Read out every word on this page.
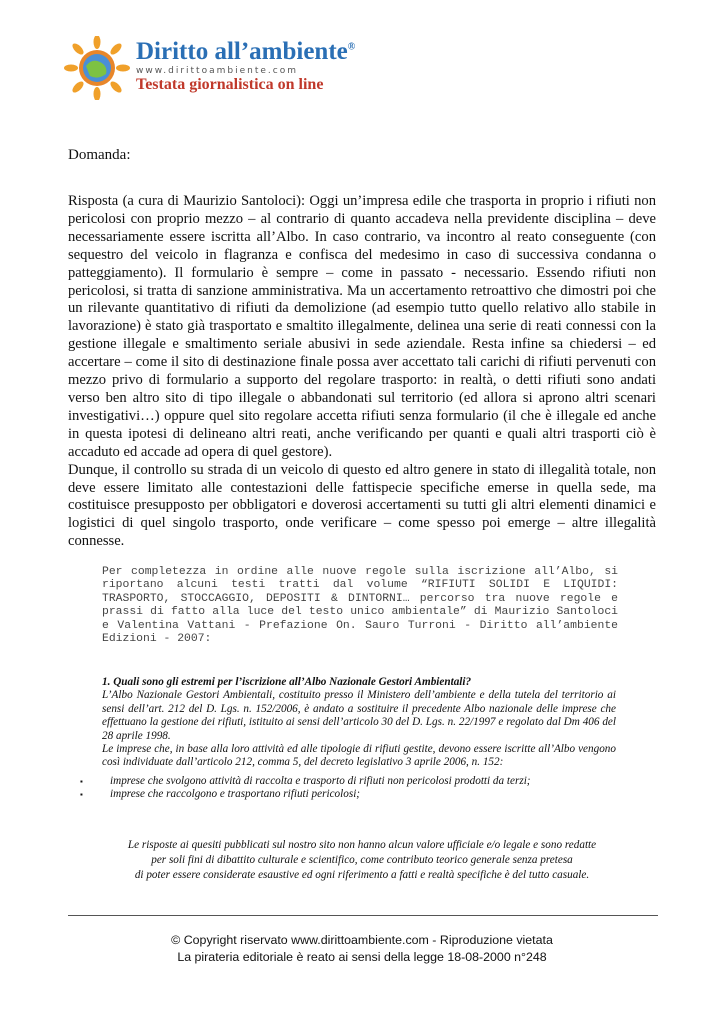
Diritto all’ambiente®
www.dirittoambiente.com
Testata giornalistica on line
Domanda:

Risposta (a cura di Maurizio Santoloci): Oggi un’impresa edile che trasporta in proprio i rifiuti non pericolosi con proprio mezzo – al contrario di quanto accadeva nella previdente disciplina – deve necessariamente essere iscritta all’Albo. In caso contrario, va incontro al reato conseguente (con sequestro del veicolo in flagranza e confisca del medesimo in caso di successiva condanna o patteggiamento). Il formulario è sempre – come in passato - necessario. Essendo rifiuti non pericolosi, si tratta di sanzione amministrativa. Ma un accertamento retroattivo che dimostri poi che un rilevante quantitativo di rifiuti da demolizione (ad esempio tutto quello relativo allo stabile in lavorazione) è stato già trasportato e smaltito illegalmente, delinea una serie di reati connessi con la gestione illegale e smaltimento seriale abusivi in sede aziendale. Resta infine sa chiedersi – ed accertare – come il sito di destinazione finale possa aver accettato tali carichi di rifiuti pervenuti con mezzo privo di formulario a supporto del regolare trasporto: in realtà, o detti rifiuti sono andati verso ben altro sito di tipo illegale o abbandonati sul territorio (ed allora si aprono altri scenari investigativi…) oppure quel sito regolare accetta rifiuti senza formulario (il che è illegale ed anche in questa ipotesi di delineano altri reati, anche verificando per quanti e quali altri trasporti ciò è accaduto ed accade ad opera di quel gestore).

Dunque, il controllo su strada di un veicolo di questo ed altro genere in stato di illegalità totale, non deve essere limitato alle contestazioni delle fattispecie specifiche emerse in quella sede, ma costituisce presupposto per obbligatori e doverosi accertamenti su tutti gli altri elementi dinamici e logistici di quel singolo trasporto, onde verificare – come spesso poi emerge – altre illegalità connesse.

Per completezza in ordine alle nuove regole sulla iscrizione all’Albo, si riportano alcuni testi tratti dal volume “RIFIUTI SOLIDI E LIQUIDI: TRASPORTO, STOCCAGGIO, DEPOSITI & DINTORNI… percorso tra nuove regole e prassi di fatto alla luce del testo unico ambientale” di Maurizio Santoloci e Valentina Vattani - Prefazione On. Sauro Turroni - Diritto all’ambiente Edizioni - 2007:

1. Quali sono gli estremi per l’iscrizione all’Albo Nazionale Gestori Ambientali?

L’Albo Nazionale Gestori Ambientali, costituito presso il Ministero dell’ambiente e della tutela del territorio ai sensi dell’art. 212 del D. Lgs. n. 152/2006, è andato a sostituire il precedente Albo nazionale delle imprese che effettuano la gestione dei rifiuti, istituito ai sensi dell’articolo 30 del D. Lgs. n. 22/1997 e regolato dal Dm 406 del 28 aprile 1998.

Le imprese che, in base alla loro attività ed alle tipologie di rifiuti gestite, devono essere iscritte all’Albo vengono così individuate dall’articolo 212, comma 5, del decreto legislativo 3 aprile 2006, n. 152:

▪	imprese che svolgono attività di raccolta e trasporto di rifiuti non pericolosi prodotti da terzi;
▪	imprese che raccolgono e trasportano rifiuti pericolosi;
Le risposte ai quesiti pubblicati sul nostro sito non hanno alcun valore ufficiale e/o legale e sono redatte
per soli fini di dibattito culturale e scientifico, come contributo teorico generale senza pretesa
di poter essere considerate esaustive ed ogni riferimento a fatti e realtà specifiche è del tutto casuale.
© Copyright riservato www.dirittoambiente.com - Riproduzione vietata
La pirateria editoriale è reato ai sensi della legge 18-08-2000 n°248
